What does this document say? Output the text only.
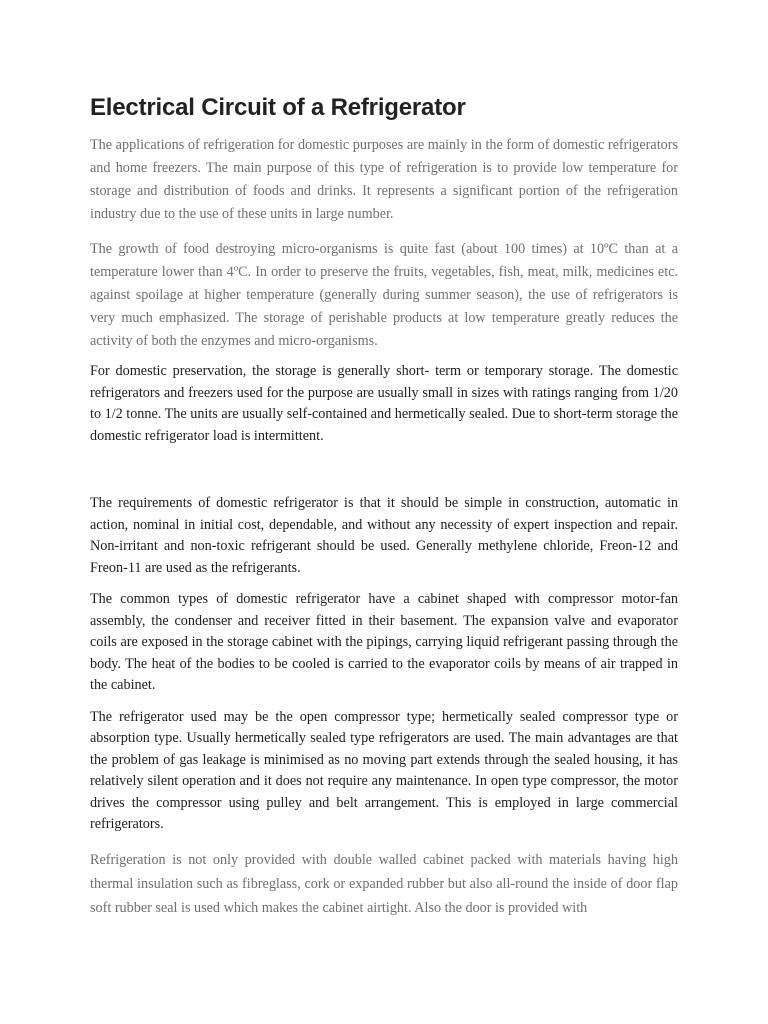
Electrical Circuit of a Refrigerator

The applications of refrigeration for domestic purposes are mainly in the form of domestic refrigerators and home freezers. The main purpose of this type of refrigeration is to provide low temperature for storage and distribution of foods and drinks. It represents a significant portion of the refrigeration industry due to the use of these units in large number.

The growth of food destroying micro-organisms is quite fast (about 100 times) at 10ºC than at a temperature lower than 4ºC. In order to preserve the fruits, vegetables, fish, meat, milk, medicines etc. against spoilage at higher temperature (generally during summer season), the use of refrigerators is very much emphasized. The storage of perishable products at low temperature greatly reduces the activity of both the enzymes and micro-organisms.

For domestic preservation, the storage is generally short- term or temporary storage. The domestic refrigerators and freezers used for the purpose are usually small in sizes with ratings ranging from 1/20 to 1/2 tonne. The units are usually self-contained and hermetically sealed. Due to short-term storage the domestic refrigerator load is intermittent.

The requirements of domestic refrigerator is that it should be simple in construction, automatic in action, nominal in initial cost, dependable, and without any necessity of expert inspection and repair. Non-irritant and non-toxic refrigerant should be used. Generally methylene chloride, Freon-12 and Freon-11 are used as the refrigerants.

The common types of domestic refrigerator have a cabinet shaped with compressor motor-fan assembly, the condenser and receiver fitted in their basement. The expansion valve and evaporator coils are exposed in the storage cabinet with the pipings, carrying liquid refrigerant passing through the body. The heat of the bodies to be cooled is carried to the evaporator coils by means of air trapped in the cabinet.

The refrigerator used may be the open compressor type; hermetically sealed compressor type or absorption type. Usually hermetically sealed type refrigerators are used. The main advantages are that the problem of gas leakage is minimised as no moving part extends through the sealed housing, it has relatively silent operation and it does not require any maintenance. In open type compressor, the motor drives the compressor using pulley and belt arrangement. This is employed in large commercial refrigerators.

Refrigeration is not only provided with double walled cabinet packed with materials having high thermal insulation such as fibreglass, cork or expanded rubber but also all-round the inside of door flap soft rubber seal is used which makes the cabinet airtight. Also the door is provided with
